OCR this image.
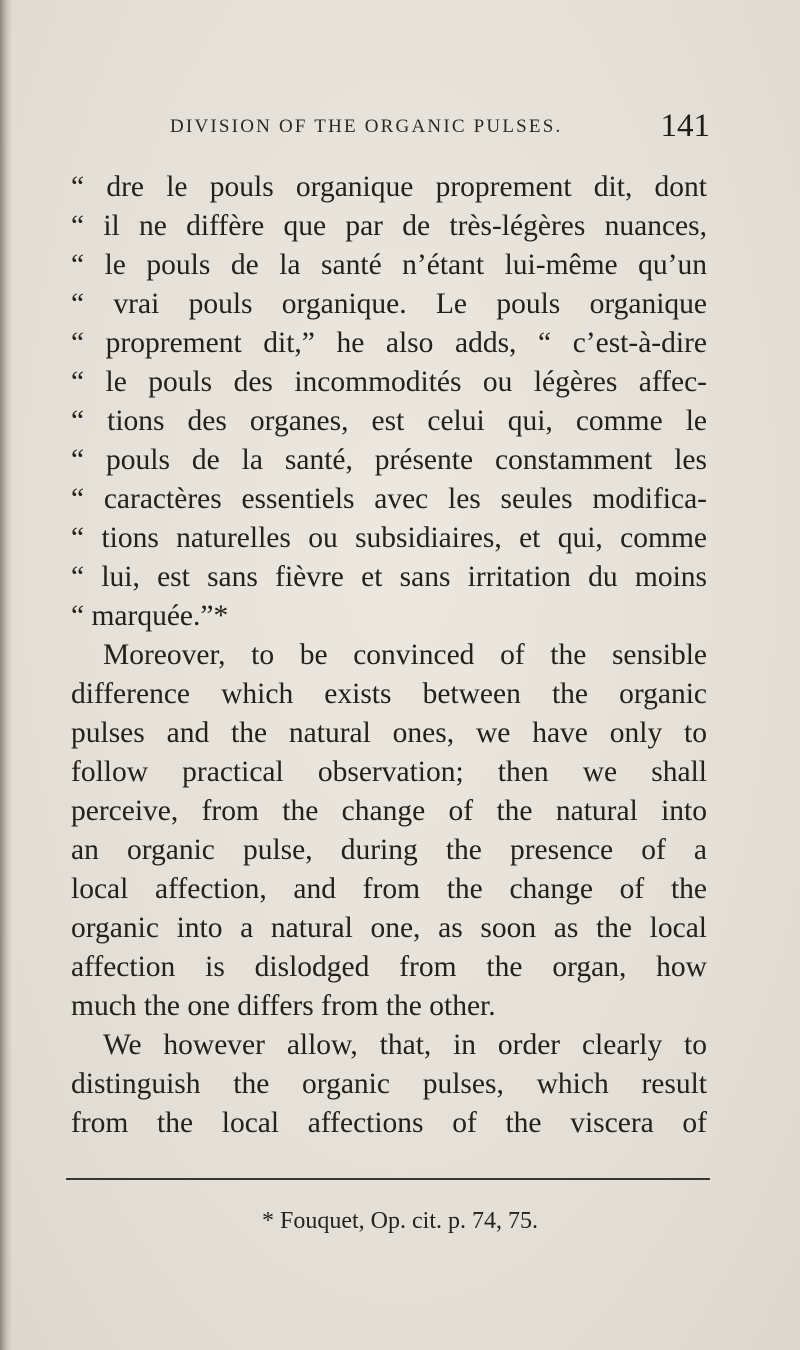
DIVISION OF THE ORGANIC PULSES.	141
“ dre le pouls organique proprement dit, dont
“ il ne diffère que par de très-légères nuances,
“ le pouls de la santé n’étant lui-même qu’un
“ vrai pouls organique. Le pouls organique
“ proprement dit,” he also adds, “ c’est-à-dire
“ le pouls des incommodités ou légères affec-
“ tions des organes, est celui qui, comme le
“ pouls de la santé, présente constamment les
“ caractères essentiels avec les seules modifica-
“ tions naturelles ou subsidiaires, et qui, comme
“ lui, est sans fièvre et sans irritation du moins
“ marquée.”*
Moreover, to be convinced of the sensible
difference which exists between the organic
pulses and the natural ones, we have only to
follow practical observation; then we shall
perceive, from the change of the natural into
an organic pulse, during the presence of a
local affection, and from the change of the
organic into a natural one, as soon as the local
affection is dislodged from the organ, how
much the one differs from the other.
We however allow, that, in order clearly to
distinguish the organic pulses, which result
from the local affections of the viscera of
* Fouquet, Op. cit. p. 74, 75.
